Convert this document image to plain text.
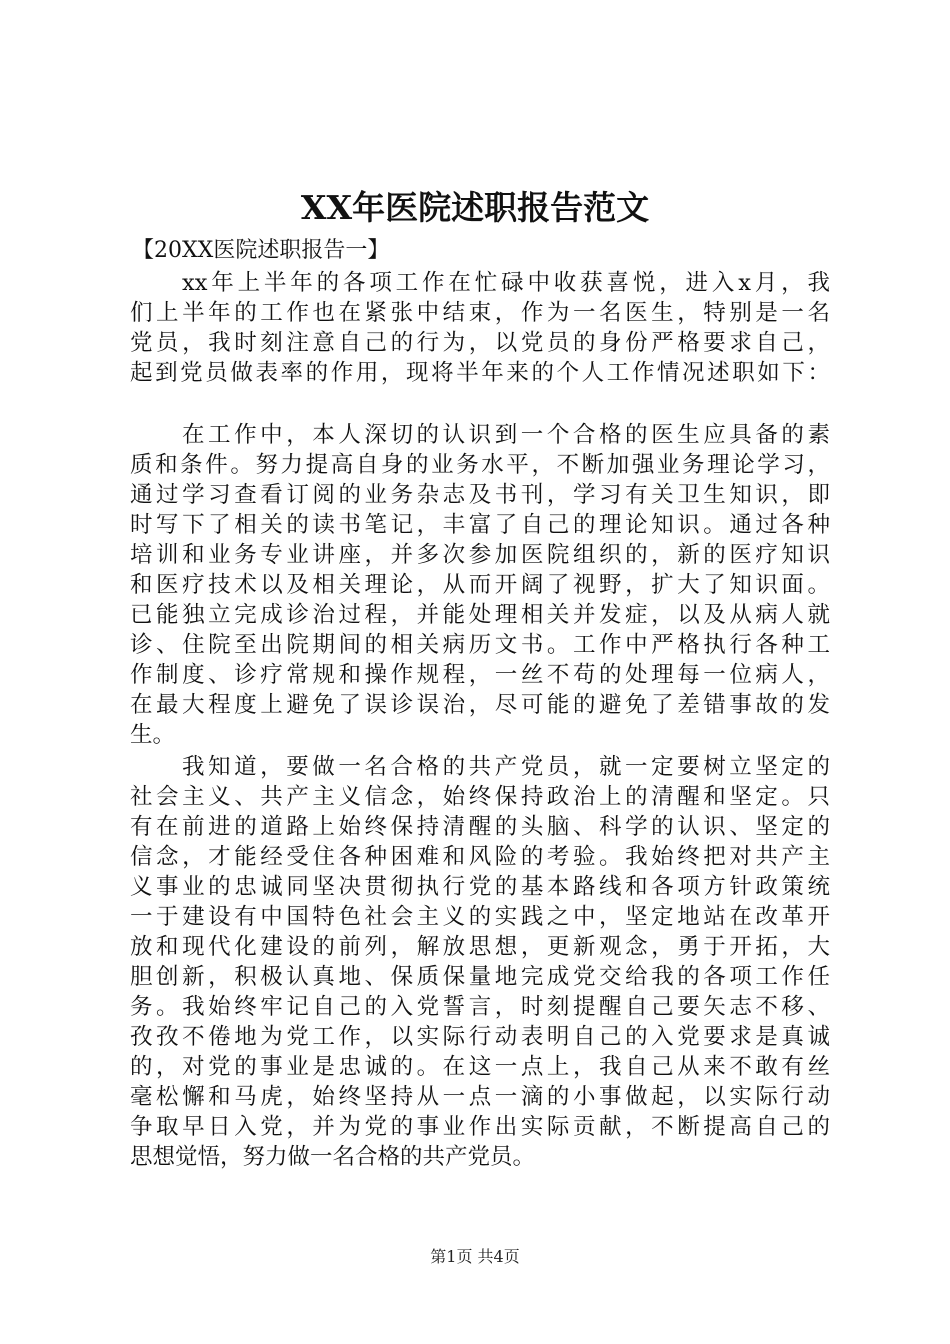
XX年医院述职报告范文
【20XX医院述职报告一】
xx年上半年的各项工作在忙碌中收获喜悦，进入x月，我
们上半年的工作也在紧张中结束，作为一名医生，特别是一名
党员，我时刻注意自己的行为，以党员的身份严格要求自己，
起到党员做表率的作用，现将半年来的个人工作情况述职如下：
在工作中，本人深切的认识到一个合格的医生应具备的素
质和条件。努力提高自身的业务水平，不断加强业务理论学习，
通过学习查看订阅的业务杂志及书刊，学习有关卫生知识，即
时写下了相关的读书笔记，丰富了自己的理论知识。通过各种
培训和业务专业讲座，并多次参加医院组织的，新的医疗知识
和医疗技术以及相关理论，从而开阔了视野，扩大了知识面。
已能独立完成诊治过程，并能处理相关并发症，以及从病人就
诊、住院至出院期间的相关病历文书。工作中严格执行各种工
作制度、诊疗常规和操作规程，一丝不苟的处理每一位病人，
在最大程度上避免了误诊误治，尽可能的避免了差错事故的发
生。
我知道，要做一名合格的共产党员，就一定要树立坚定的
社会主义、共产主义信念，始终保持政治上的清醒和坚定。只
有在前进的道路上始终保持清醒的头脑、科学的认识、坚定的
信念，才能经受住各种困难和风险的考验。我始终把对共产主
义事业的忠诚同坚决贯彻执行党的基本路线和各项方针政策统
一于建设有中国特色社会主义的实践之中，坚定地站在改革开
放和现代化建设的前列，解放思想，更新观念，勇于开拓，大
胆创新，积极认真地、保质保量地完成党交给我的各项工作任
务。我始终牢记自己的入党誓言，时刻提醒自己要矢志不移、
孜孜不倦地为党工作，以实际行动表明自己的入党要求是真诚
的，对党的事业是忠诚的。在这一点上，我自己从来不敢有丝
毫松懈和马虎，始终坚持从一点一滴的小事做起，以实际行动
争取早日入党，并为党的事业作出实际贡献，不断提高自己的
思想觉悟，努力做一名合格的共产党员。
第1页 共4页
